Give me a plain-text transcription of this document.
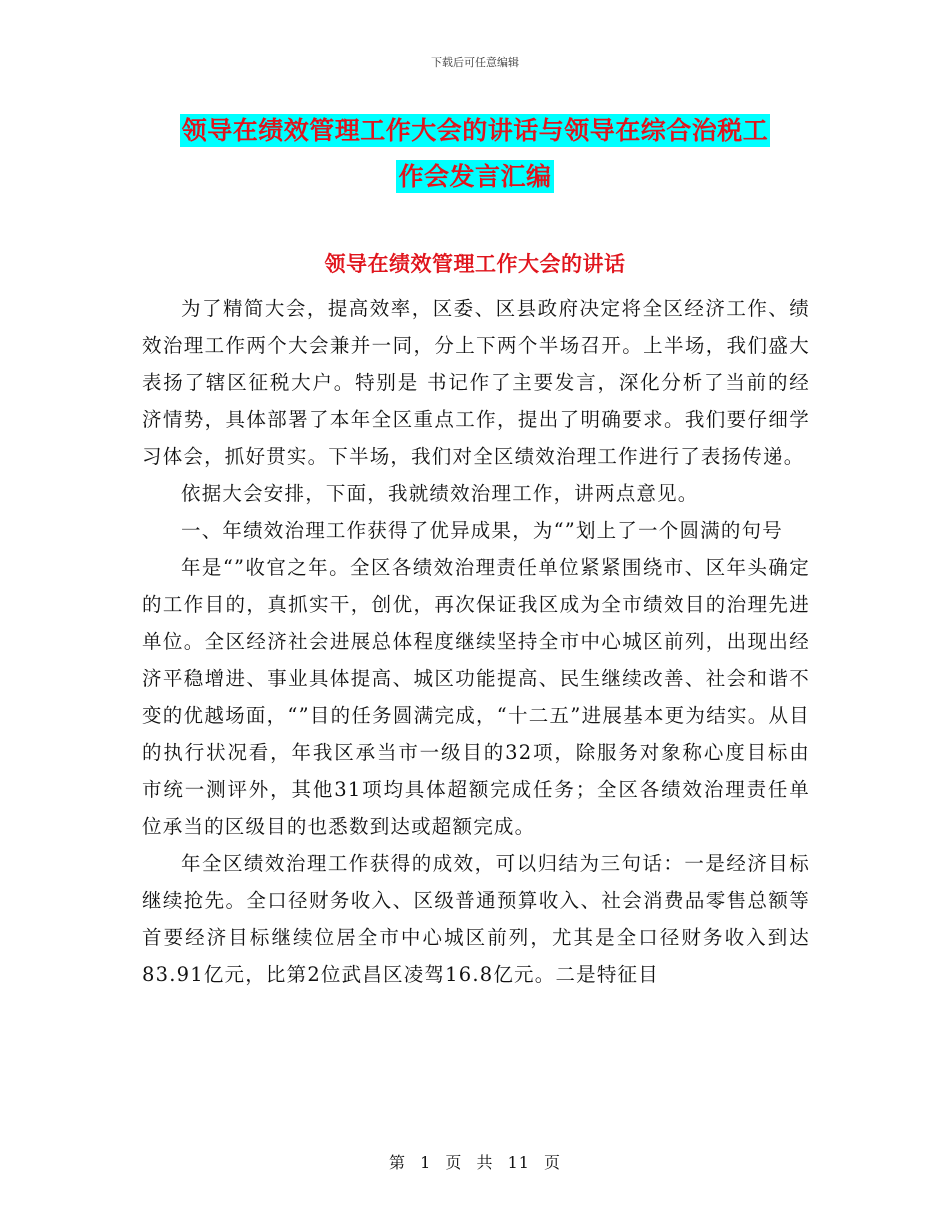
下载后可任意编辑
领导在绩效管理工作大会的讲话与领导在综合治税工
作会发言汇编
领导在绩效管理工作大会的讲话

为了精简大会，提高效率，区委、区县政府决定将全区经济工作、绩效治理工作两个大会兼并一同，分上下两个半场召开。上半场，我们盛大表扬了辖区征税大户。特别是 书记作了主要发言，深化分析了当前的经济情势，具体部署了本年全区重点工作，提出了明确要求。我们要仔细学习体会，抓好贯实。下半场，我们对全区绩效治理工作进行了表扬传递。

依据大会安排，下面，我就绩效治理工作，讲两点意见。

一、年绩效治理工作获得了优异成果，为“”划上了一个圆满的句号

年是“”收官之年。全区各绩效治理责任单位紧紧围绕市、区年头确定的工作目的，真抓实干，创优，再次保证我区成为全市绩效目的治理先进单位。全区经济社会进展总体程度继续坚持全市中心城区前列，出现出经济平稳增进、事业具体提高、城区功能提高、民生继续改善、社会和谐不变的优越场面，“”目的任务圆满完成，“十二五”进展基本更为结实。从目的执行状况看，年我区承当市一级目的32项，除服务对象称心度目标由市统一测评外，其他31项均具体超额完成任务；全区各绩效治理责任单位承当的区级目的也悉数到达或超额完成。

年全区绩效治理工作获得的成效，可以归结为三句话：一是经济目标继续抢先。全口径财务收入、区级普通预算收入、社会消费品零售总额等首要经济目标继续位居全市中心城区前列，尤其是全口径财务收入到达83.91亿元，比第2位武昌区凌驾16.8亿元。二是特征目

第 1 页 共 11 页
